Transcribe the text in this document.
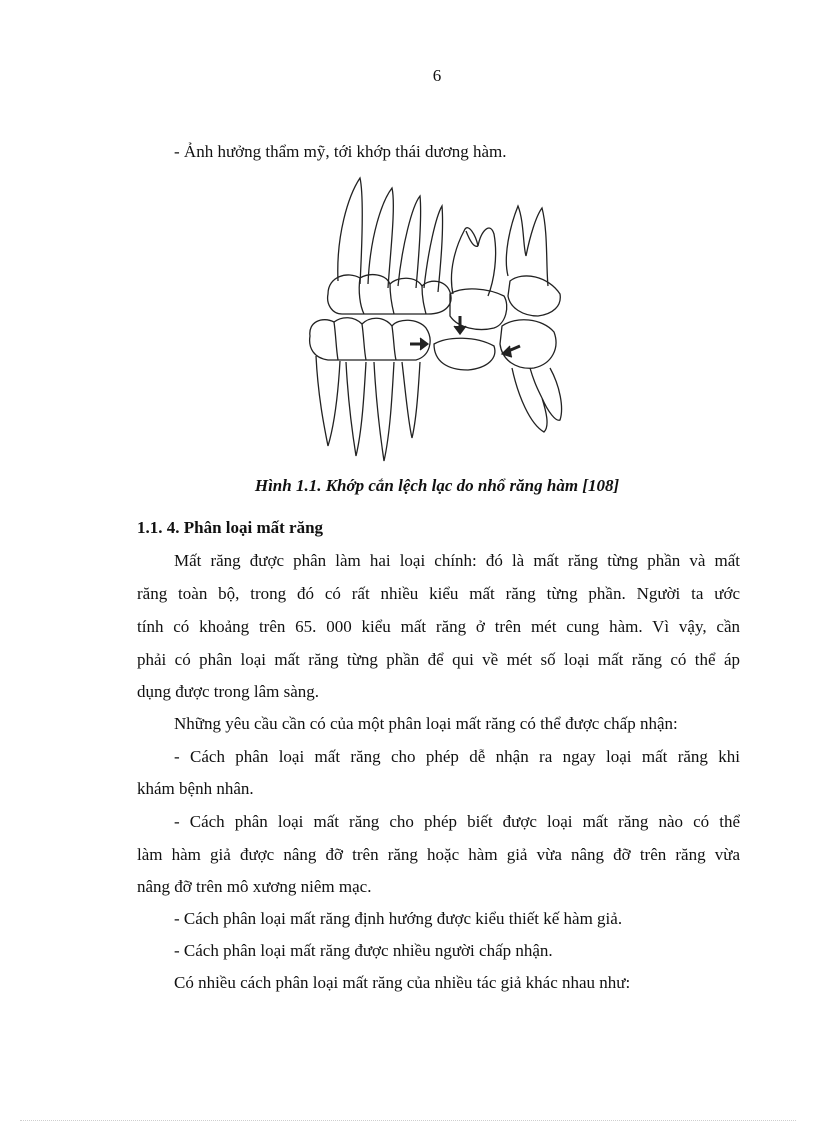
6
- Ảnh hưởng thẩm mỹ, tới khớp thái dương hàm.
Hình 1.1. Khớp cắn lệch lạc do nhổ răng hàm [108]
1.1. 4. Phân loại mất răng
Mất răng được phân làm hai loại chính: đó là mất răng từng phần và mất
răng toàn bộ, trong đó có rất nhiều kiểu mất răng từng phần. Người ta ước
tính có khoảng trên 65. 000 kiểu mất răng ở trên mét cung hàm. Vì vậy, cần
phải có phân loại mất răng từng phần để qui về mét số loại mất răng có thể áp
dụng được trong lâm sàng.
Những yêu cầu cần có của một phân loại mất răng có thể được chấp nhận:
- Cách phân loại mất răng cho phép dễ nhận ra ngay loại mất răng khi
khám bệnh nhân.
- Cách phân loại mất răng cho phép biết được loại mất răng nào có thể
làm hàm giả được nâng đỡ trên răng hoặc hàm giả vừa nâng đỡ trên răng vừa
nâng đỡ trên mô xương niêm mạc.
- Cách phân loại mất răng định hướng được kiểu thiết kế hàm giả.
- Cách phân loại mất răng được nhiều người chấp nhận.
Có nhiều cách phân loại mất răng của nhiều tác giả khác nhau như:
